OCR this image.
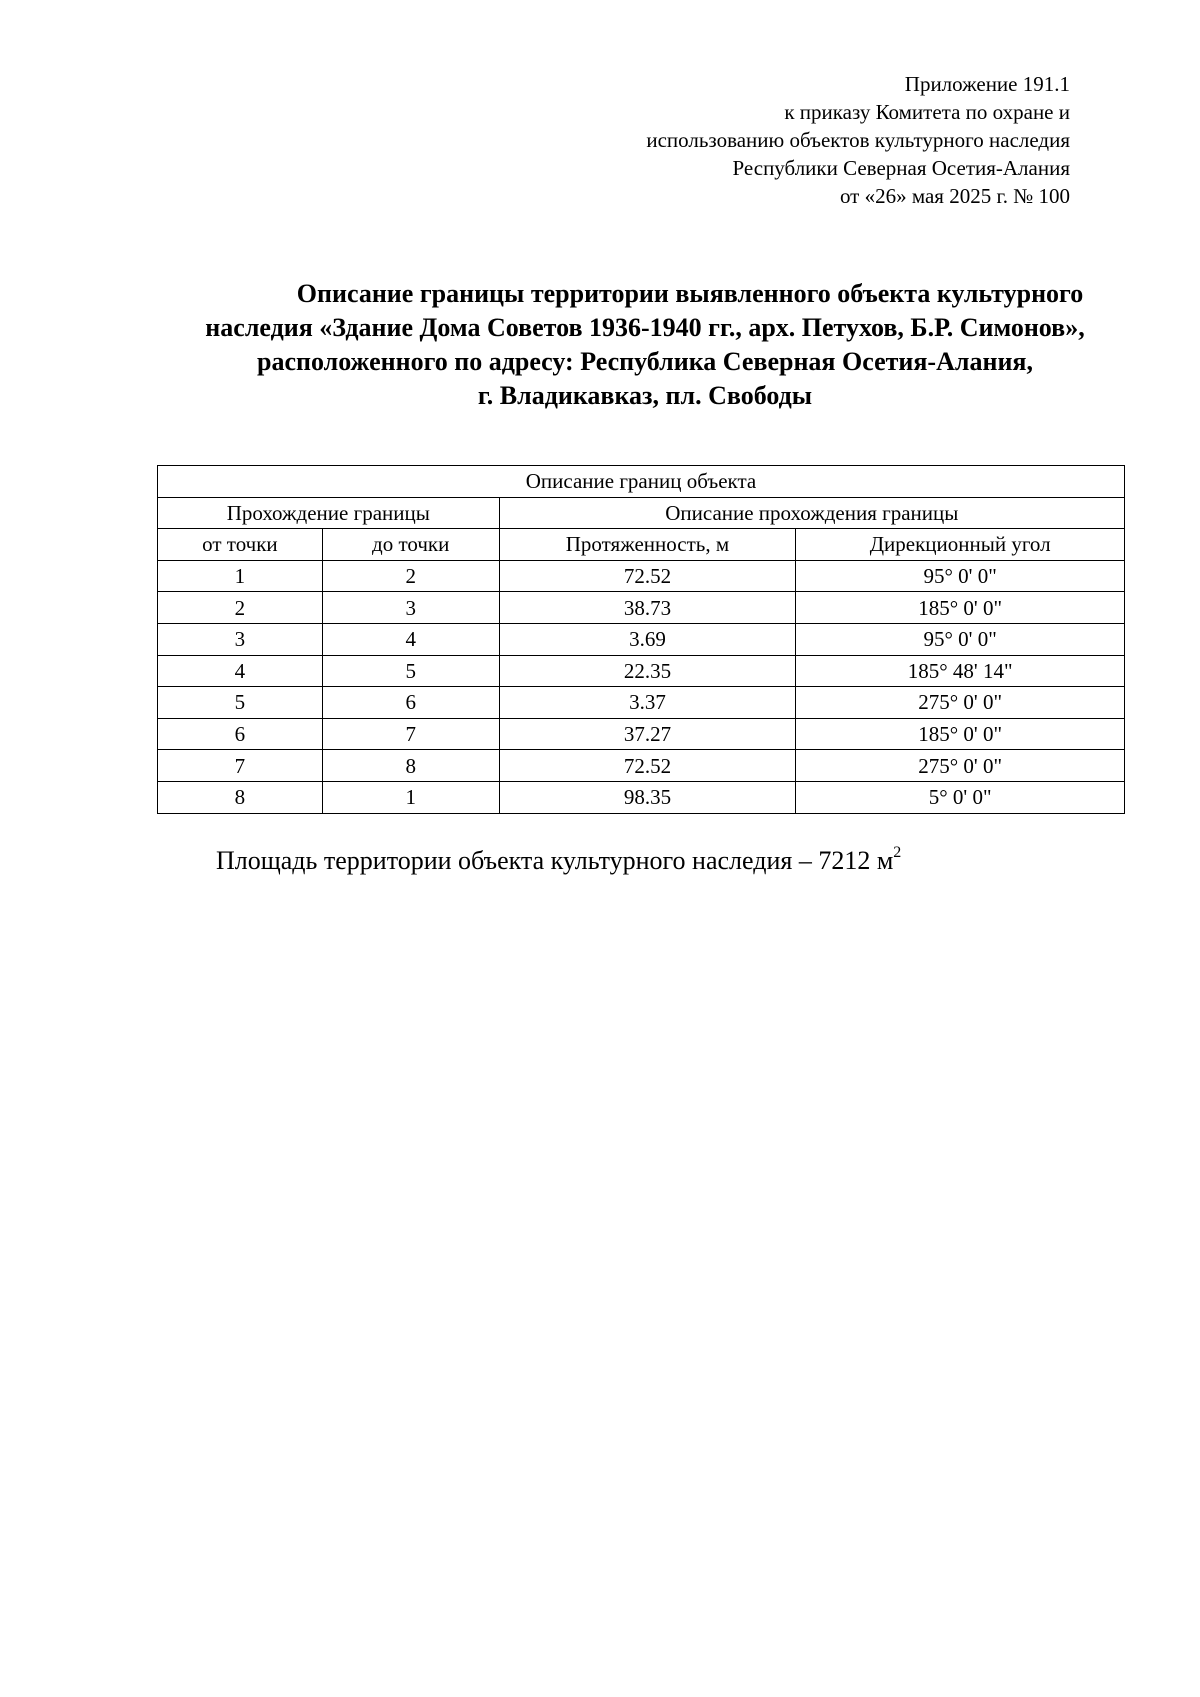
Приложение 191.1
к приказу Комитета по охране и
использованию объектов культурного наследия
Республики Северная Осетия-Алания
от «26» мая 2025 г. № 100
Описание границы территории выявленного объекта культурного
наследия «Здание Дома Советов 1936-1940 гг., арх. Петухов, Б.Р. Симонов»,
расположенного по адресу: Республика Северная Осетия-Алания,
г. Владикавказ, пл. Свободы
Описание границ объекта			
Прохождение границы		Описание прохождения границы	
от точки	до точки	Протяженность, м	Дирекционный угол
1	2	72.52	95° 0' 0"
2	3	38.73	185° 0' 0"
3	4	3.69	95° 0' 0"
4	5	22.35	185° 48' 14"
5	6	3.37	275° 0' 0"
6	7	37.27	185° 0' 0"
7	8	72.52	275° 0' 0"
8	1	98.35	5° 0' 0"
Площадь территории объекта культурного наследия – 7212 $м^2$
